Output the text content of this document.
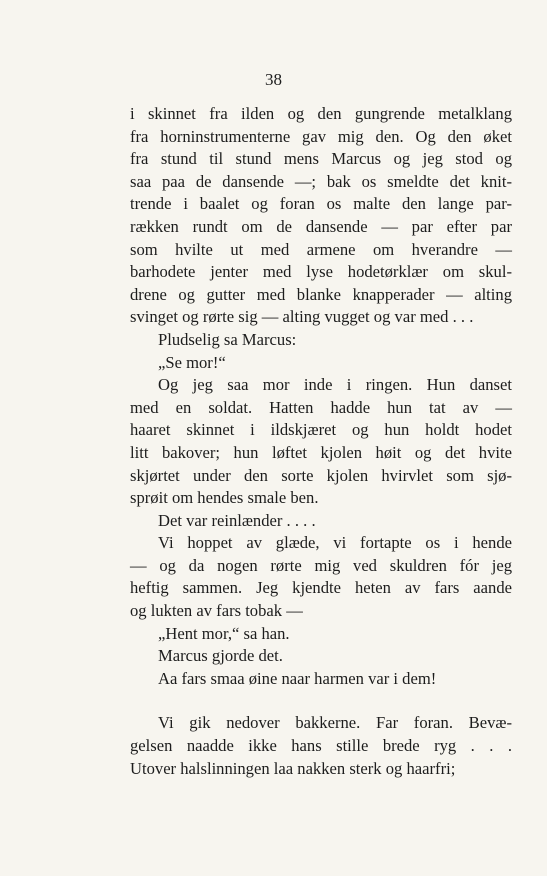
38
i skinnet fra ilden og den gungrende metalklang
fra horninstrumenterne gav mig den. Og den øket
fra stund til stund mens Marcus og jeg stod og
saa paa de dansende —; bak os smeldte det knit-
trende i baalet og foran os malte den lange par-
rækken rundt om de dansende — par efter par
som hvilte ut med armene om hverandre —
barhodete jenter med lyse hodetørklær om skul-
drene og gutter med blanke knapperader — alting
svinget og rørte sig — alting vugget og var med . . .
Pludselig sa Marcus:
„Se mor!“
Og jeg saa mor inde i ringen. Hun danset
med en soldat. Hatten hadde hun tat av —
haaret skinnet i ildskjæret og hun holdt hodet
litt bakover; hun løftet kjolen høit og det hvite
skjørtet under den sorte kjolen hvirvlet som sjø-
sprøit om hendes smale ben.
Det var reinlænder . . . .
Vi hoppet av glæde, vi fortapte os i hende
— og da nogen rørte mig ved skuldren fór jeg
heftig sammen. Jeg kjendte heten av fars aande
og lukten av fars tobak —
„Hent mor,“ sa han.
Marcus gjorde det.
Aa fars smaa øine naar harmen var i dem!
Vi gik nedover bakkerne. Far foran. Bevæ-
gelsen naadde ikke hans stille brede ryg . . .
Utover halslinningen laa nakken sterk og haarfri;
